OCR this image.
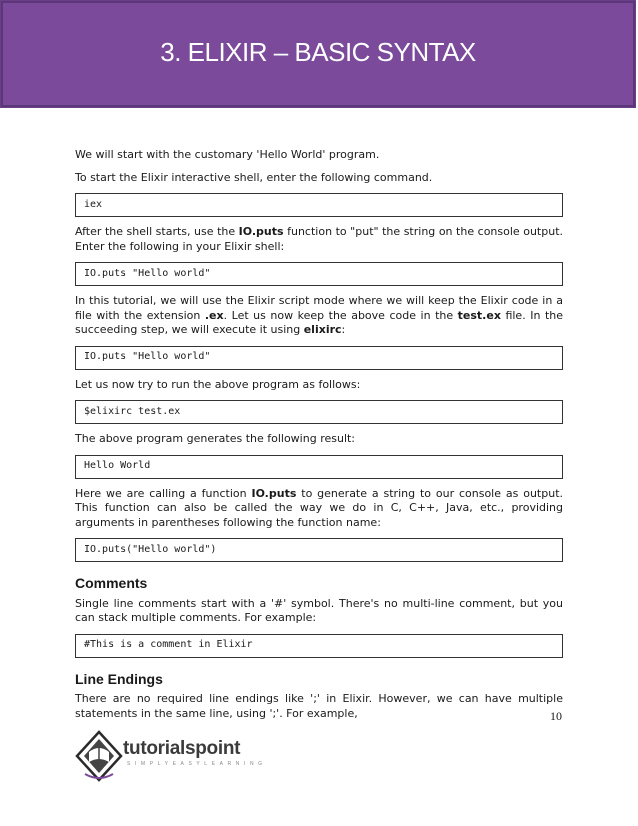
3. ELIXIR – BASIC SYNTAX

We will start with the customary 'Hello World' program.

To start the Elixir interactive shell, enter the following command.

iex

After the shell starts, use the IO.puts function to "put" the string on the console output. Enter the following in your Elixir shell:

IO.puts "Hello world"

In this tutorial, we will use the Elixir script mode where we will keep the Elixir code in a file with the extension .ex. Let us now keep the above code in the test.ex file. In the succeeding step, we will execute it using elixirc:

IO.puts "Hello world"

Let us now try to run the above program as follows:

$elixirc test.ex

The above program generates the following result:

Hello World

Here we are calling a function IO.puts to generate a string to our console as output. This function can also be called the way we do in C, C++, Java, etc., providing arguments in parentheses following the function name:

IO.puts("Hello world")
Comments

Single line comments start with a '#' symbol. There's no multi-line comment, but you can stack multiple comments. For example:

#This is a comment in Elixir
Line Endings

There are no required line endings like ';' in Elixir. However, we can have multiple statements in the same line, using ';'. For example,	10
tutorialspoint
SIMPLYEASYLEARNING
